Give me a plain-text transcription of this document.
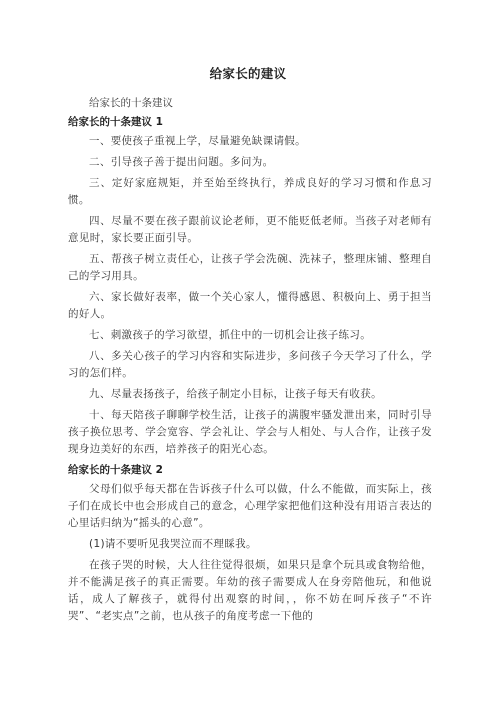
给家长的建议

给家长的十条建议

给家长的十条建议 1

一、要使孩子重视上学，尽量避免缺课请假。

二、引导孩子善于提出问题。多问为。

三、定好家庭规矩，并至始至终执行，养成良好的学习习惯和作息习惯。

四、尽量不要在孩子跟前议论老师，更不能贬低老师。当孩子对老师有意见时，家长要正面引导。

五、帮孩子树立责任心，让孩子学会洗碗、洗袜子，整理床铺、整理自己的学习用具。

六、家长做好表率，做一个关心家人，懂得感恩、积极向上、勇于担当的好人。

七、刺激孩子的学习欲望，抓住中的一切机会让孩子练习。

八、多关心孩子的学习内容和实际进步，多问孩子今天学习了什么，学习的怎们样。

九、尽量表扬孩子，给孩子制定小目标，让孩子每天有收获。

十、每天陪孩子聊聊学校生活，让孩子的满腹牢骚发泄出来，同时引导孩子换位思考、学会宽容、学会礼让、学会与人相处、与人合作，让孩子发现身边美好的东西，培养孩子的阳光心态。

给家长的十条建议 2

父母们似乎每天都在告诉孩子什么可以做，什么不能做，而实际上，孩子们在成长中也会形成自己的意念，心理学家把他们这种没有用语言表达的心里话归纳为“摇头的心意”。

(1)请不要听见我哭泣而不理睬我。

在孩子哭的时候，大人往往觉得很烦，如果只是拿个玩具或食物给他，并不能满足孩子的真正需要。年幼的孩子需要成人在身旁陪他玩，和他说话，成人了解孩子，就得付出观察的时间，，你不妨在呵斥孩子“不许哭”、“老实点”之前，也从孩子的角度考虑一下他的
